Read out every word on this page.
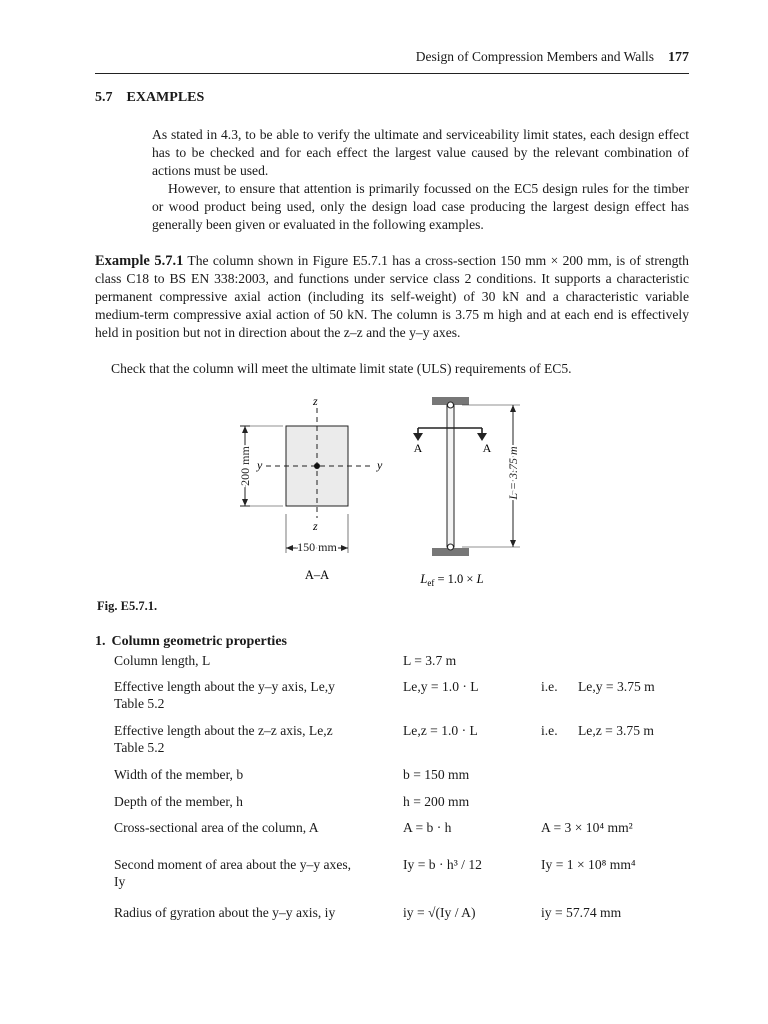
Design of Compression Members and Walls 177
5.7 EXAMPLES

As stated in 4.3, to be able to verify the ultimate and serviceability limit states, each design effect has to be checked and for each effect the largest value caused by the relevant combination of actions must be used.

However, to ensure that attention is primarily focussed on the EC5 design rules for the timber or wood product being used, only the design load case producing the largest design effect has generally been given or evaluated in the following examples.

Example 5.7.1 The column shown in Figure E5.7.1 has a cross-section 150 mm × 200 mm, is of strength class C18 to BS EN 338:2003, and functions under service class 2 conditions. It supports a characteristic permanent compressive axial action (including its self-weight) of 30 kN and a characteristic variable medium-term compressive axial action of 50 kN. The column is 3.75 m high and at each end is effectively held in position but not in direction about the z–z and the y–y axes.

Check that the column will meet the ultimate limit state (ULS) requirements of EC5.

z
z
y	y
200 mm
150 mm
A–A
A	A L = 3.75 m
$L_{ef} = 1.0 \times L$
Fig. E5.7.1.
1. Column geometric properties
Column length, L	L = 3.7 m
Effective length about the y–y axis, Le,y
Table 5.2
Le,y = 1.0 · L	i.e. Le,y = 3.75 m
Effective length about the z–z axis, Le,z
Table 5.2
Le,z = 1.0 · L	i.e. Le,z = 3.75 m
Width of the member, b	b = 150 mm
Depth of the member, h	h = 200 mm
Cross-sectional area of the column, A	A = b · h	A = 3 × 10⁴ mm²
Second moment of area about the y–y axes, Iy
Iy = b · h³ / 12	Iy = 1 × 10⁸ mm⁴
Radius of gyration about the y–y axis, iy	iy = √(Iy / A)	iy = 57.74 mm
